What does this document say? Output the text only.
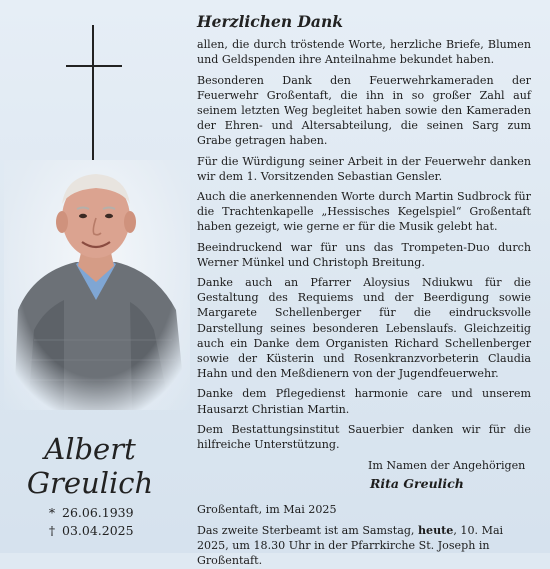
Albert
Greulich
* 26.06.1939
† 03.04.2025
Herzlichen Dank

allen, die durch tröstende Worte, herzliche Briefe, Blumen und Geldspenden ihre Anteilnahme bekundet haben.

Besonderen Dank den Feuerwehrkameraden der Feuerwehr Großentaft, die ihn in so großer Zahl auf seinem letzten Weg begleitet haben sowie den Kameraden der Ehren- und Altersabteilung, die seinen Sarg zum Grabe getragen haben.

Für die Würdigung seiner Arbeit in der Feuerwehr danken wir dem 1. Vorsitzenden Sebastian Gensler.

Auch die anerkennenden Worte durch Martin Sudbrock für die Trachtenkapelle „Hessisches Kegelspiel“ Großentaft haben gezeigt, wie gerne er für die Musik gelebt hat.

Beeindruckend war für uns das Trompeten-Duo durch Werner Münkel und Christoph Breitung.

Danke auch an Pfarrer Aloysius Ndiukwu für die Gestaltung des Requiems und der Beerdigung sowie Margarete Schellenberger für die eindrucksvolle Darstellung seines besonderen Lebenslaufs. Gleichzeitig auch ein Danke dem Organisten Richard Schellenberger sowie der Küsterin und Rosenkranzvorbeterin Claudia Hahn und den Meßdienern von der Jugendfeuerwehr.

Danke dem Pflegedienst harmonie care und unserem Hausarzt Christian Martin.

Dem Bestattungsinstitut Sauerbier danken wir für die hilfreiche Unterstützung.

Im Namen der Angehörigen
Rita Greulich
Großentaft, im Mai 2025
Das zweite Sterbeamt ist am Samstag, heute, 10. Mai 2025, um 18.30 Uhr in der Pfarrkirche St. Joseph in Großentaft.
